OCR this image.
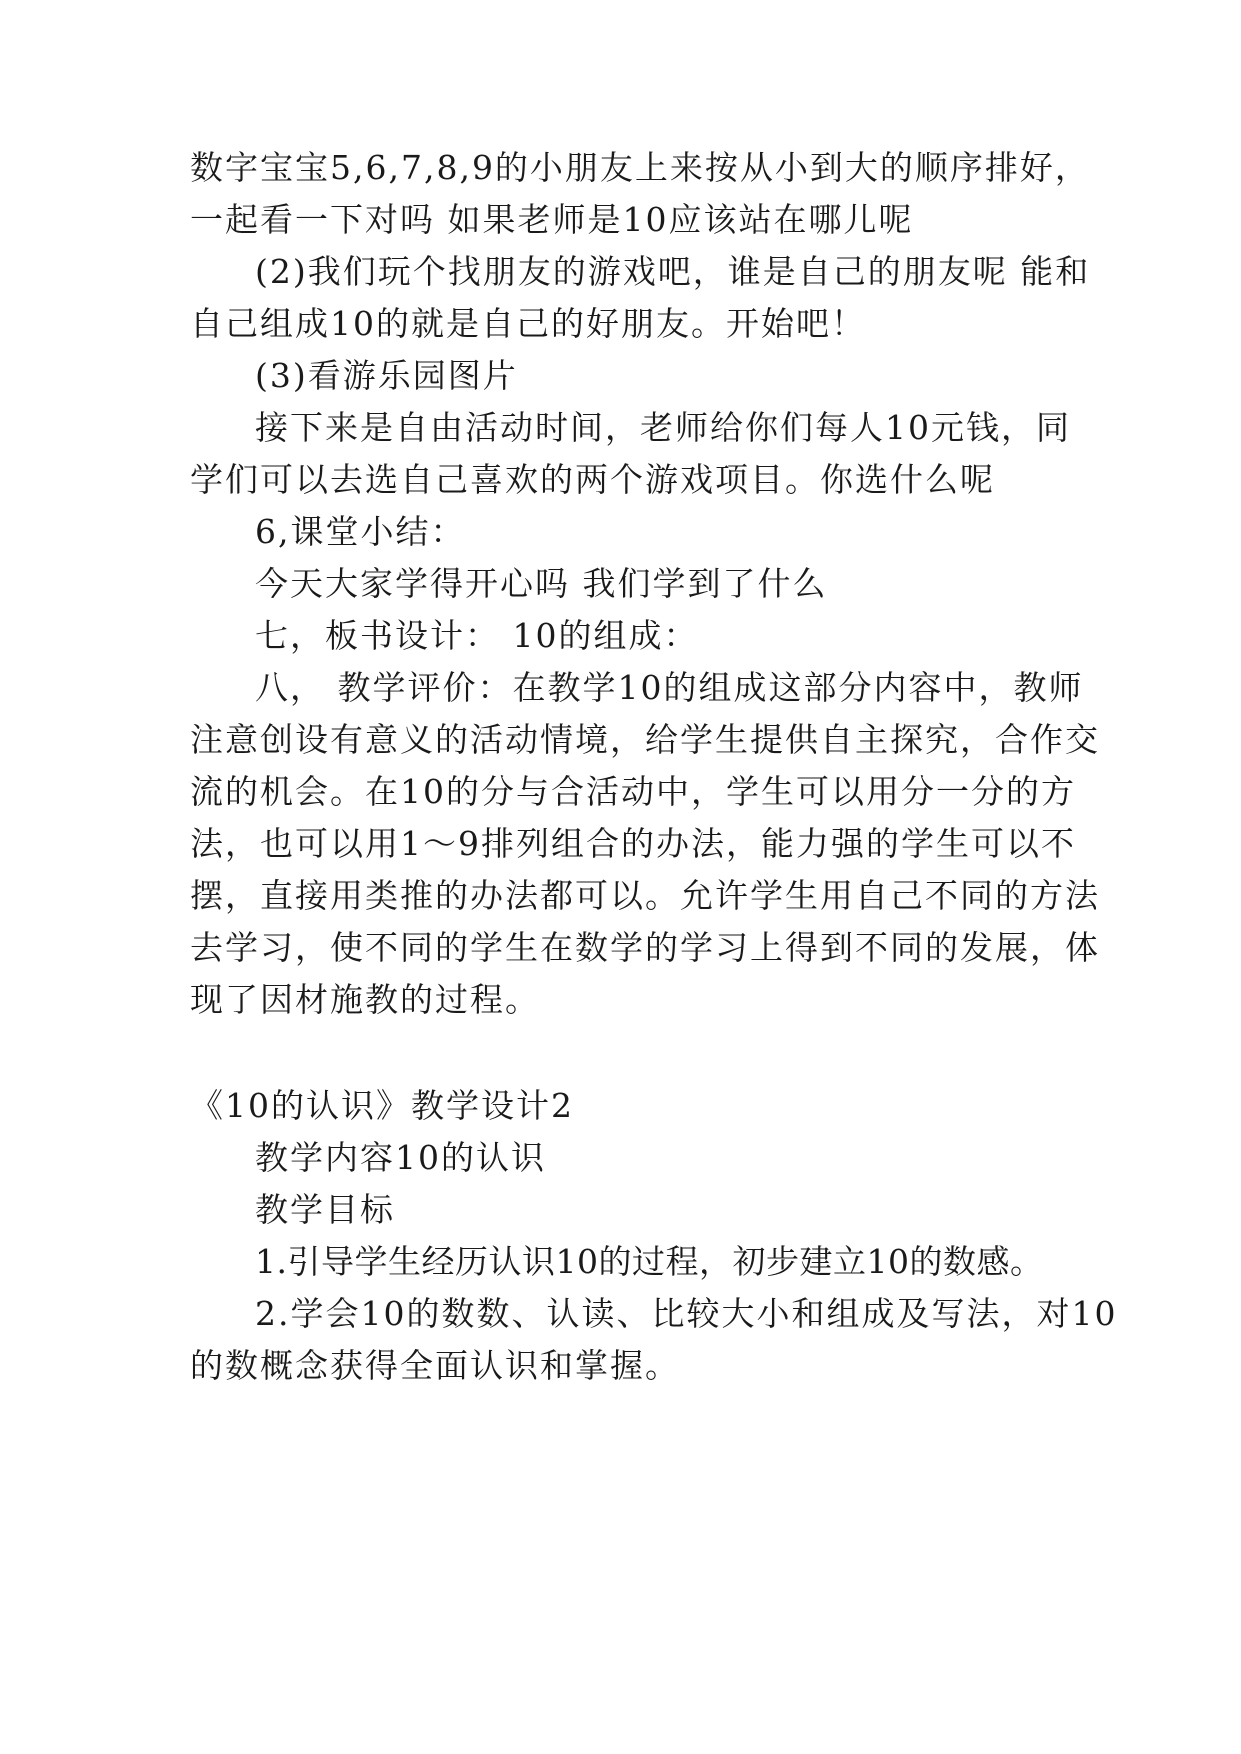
数字宝宝5,6,7,8,9的小朋友上来按从小到大的顺序排好，
一起看一下对吗 如果老师是10应该站在哪儿呢
(2)我们玩个找朋友的游戏吧，谁是自己的朋友呢 能和
自己组成10的就是自己的好朋友。开始吧！
(3)看游乐园图片
接下来是自由活动时间，老师给你们每人10元钱，同
学们可以去选自己喜欢的两个游戏项目。你选什么呢
6,课堂小结：
今天大家学得开心吗 我们学到了什么
七，板书设计： 10的组成：
八， 教学评价：在教学10的组成这部分内容中，教师
注意创设有意义的活动情境，给学生提供自主探究，合作交
流的机会。在10的分与合活动中，学生可以用分一分的方
法，也可以用1～9排列组合的办法，能力强的学生可以不
摆，直接用类推的办法都可以。允许学生用自己不同的方法
去学习，使不同的学生在数学的学习上得到不同的发展，体
现了因材施教的过程。
《10的认识》教学设计2
教学内容10的认识
教学目标
1.引导学生经历认识10的过程，初步建立10的数感。
2.学会10的数数、认读、比较大小和组成及写法，对10
的数概念获得全面认识和掌握。
